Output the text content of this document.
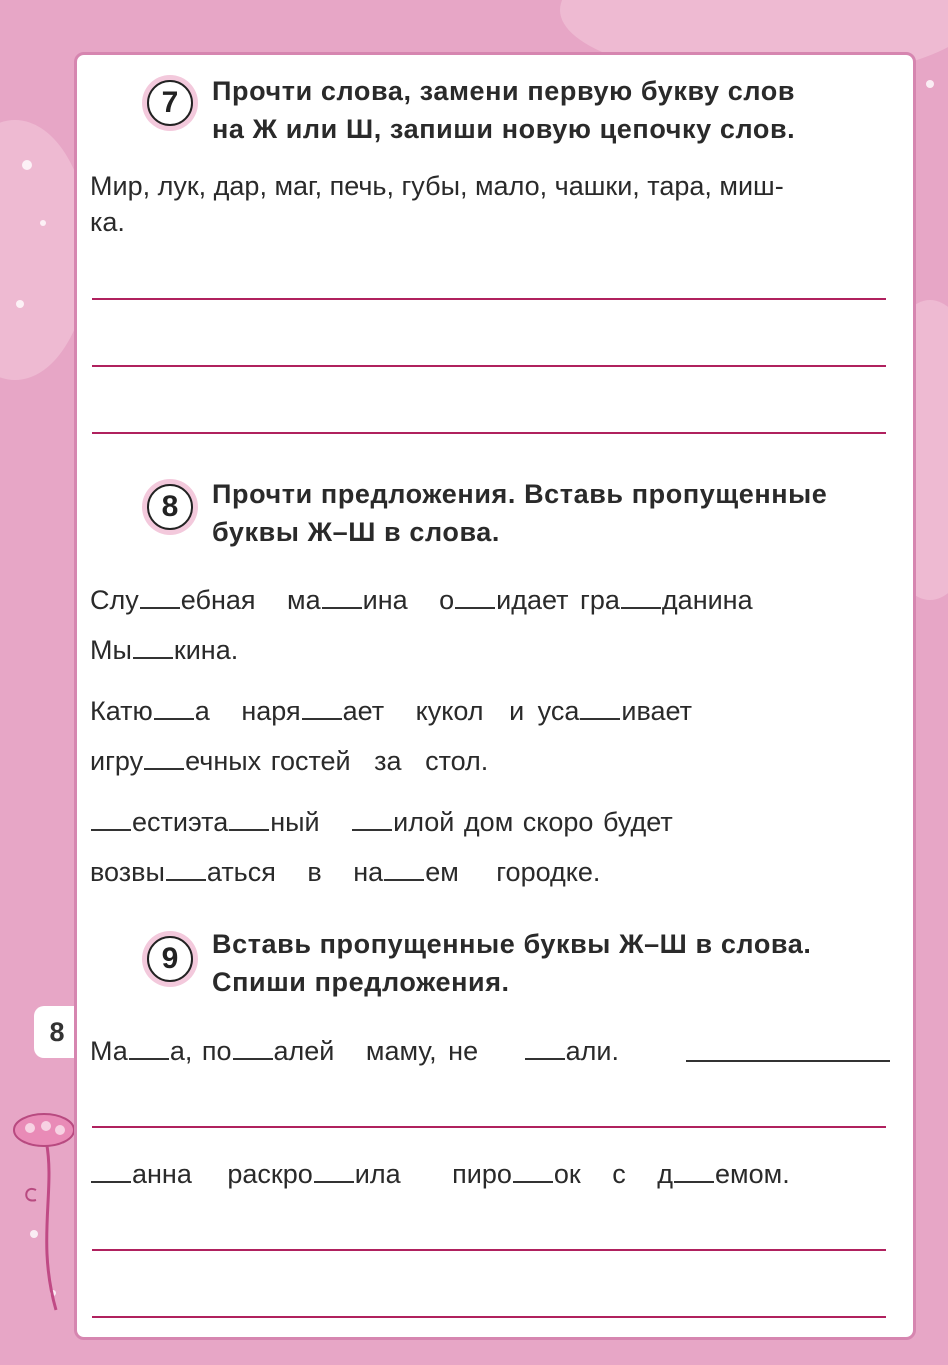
8
7	Прочти слова, замени первую букву слов

на Ж или Ш, запиши новую цепочку слов.

Мир, лук, дар, маг, печь, губы, мало, чашки, тара, миш-
ка.
8	Прочти предложения. Вставь пропущенные

буквы Ж–Ш в слова.

Слу ебная ма ина о идает гра данина
Мы кина.
Катю а наря ает кукол и уса ивает
игру ечных гостей за стол.
естиэта ный	илой дом скоро будет
возвы аться в на ем городке.
9	Вставь пропущенные буквы Ж–Ш в слова.

Спиши предложения.

Ма а, по алей маму, не	али.
анна раскро ила пиро ок с д емом.
